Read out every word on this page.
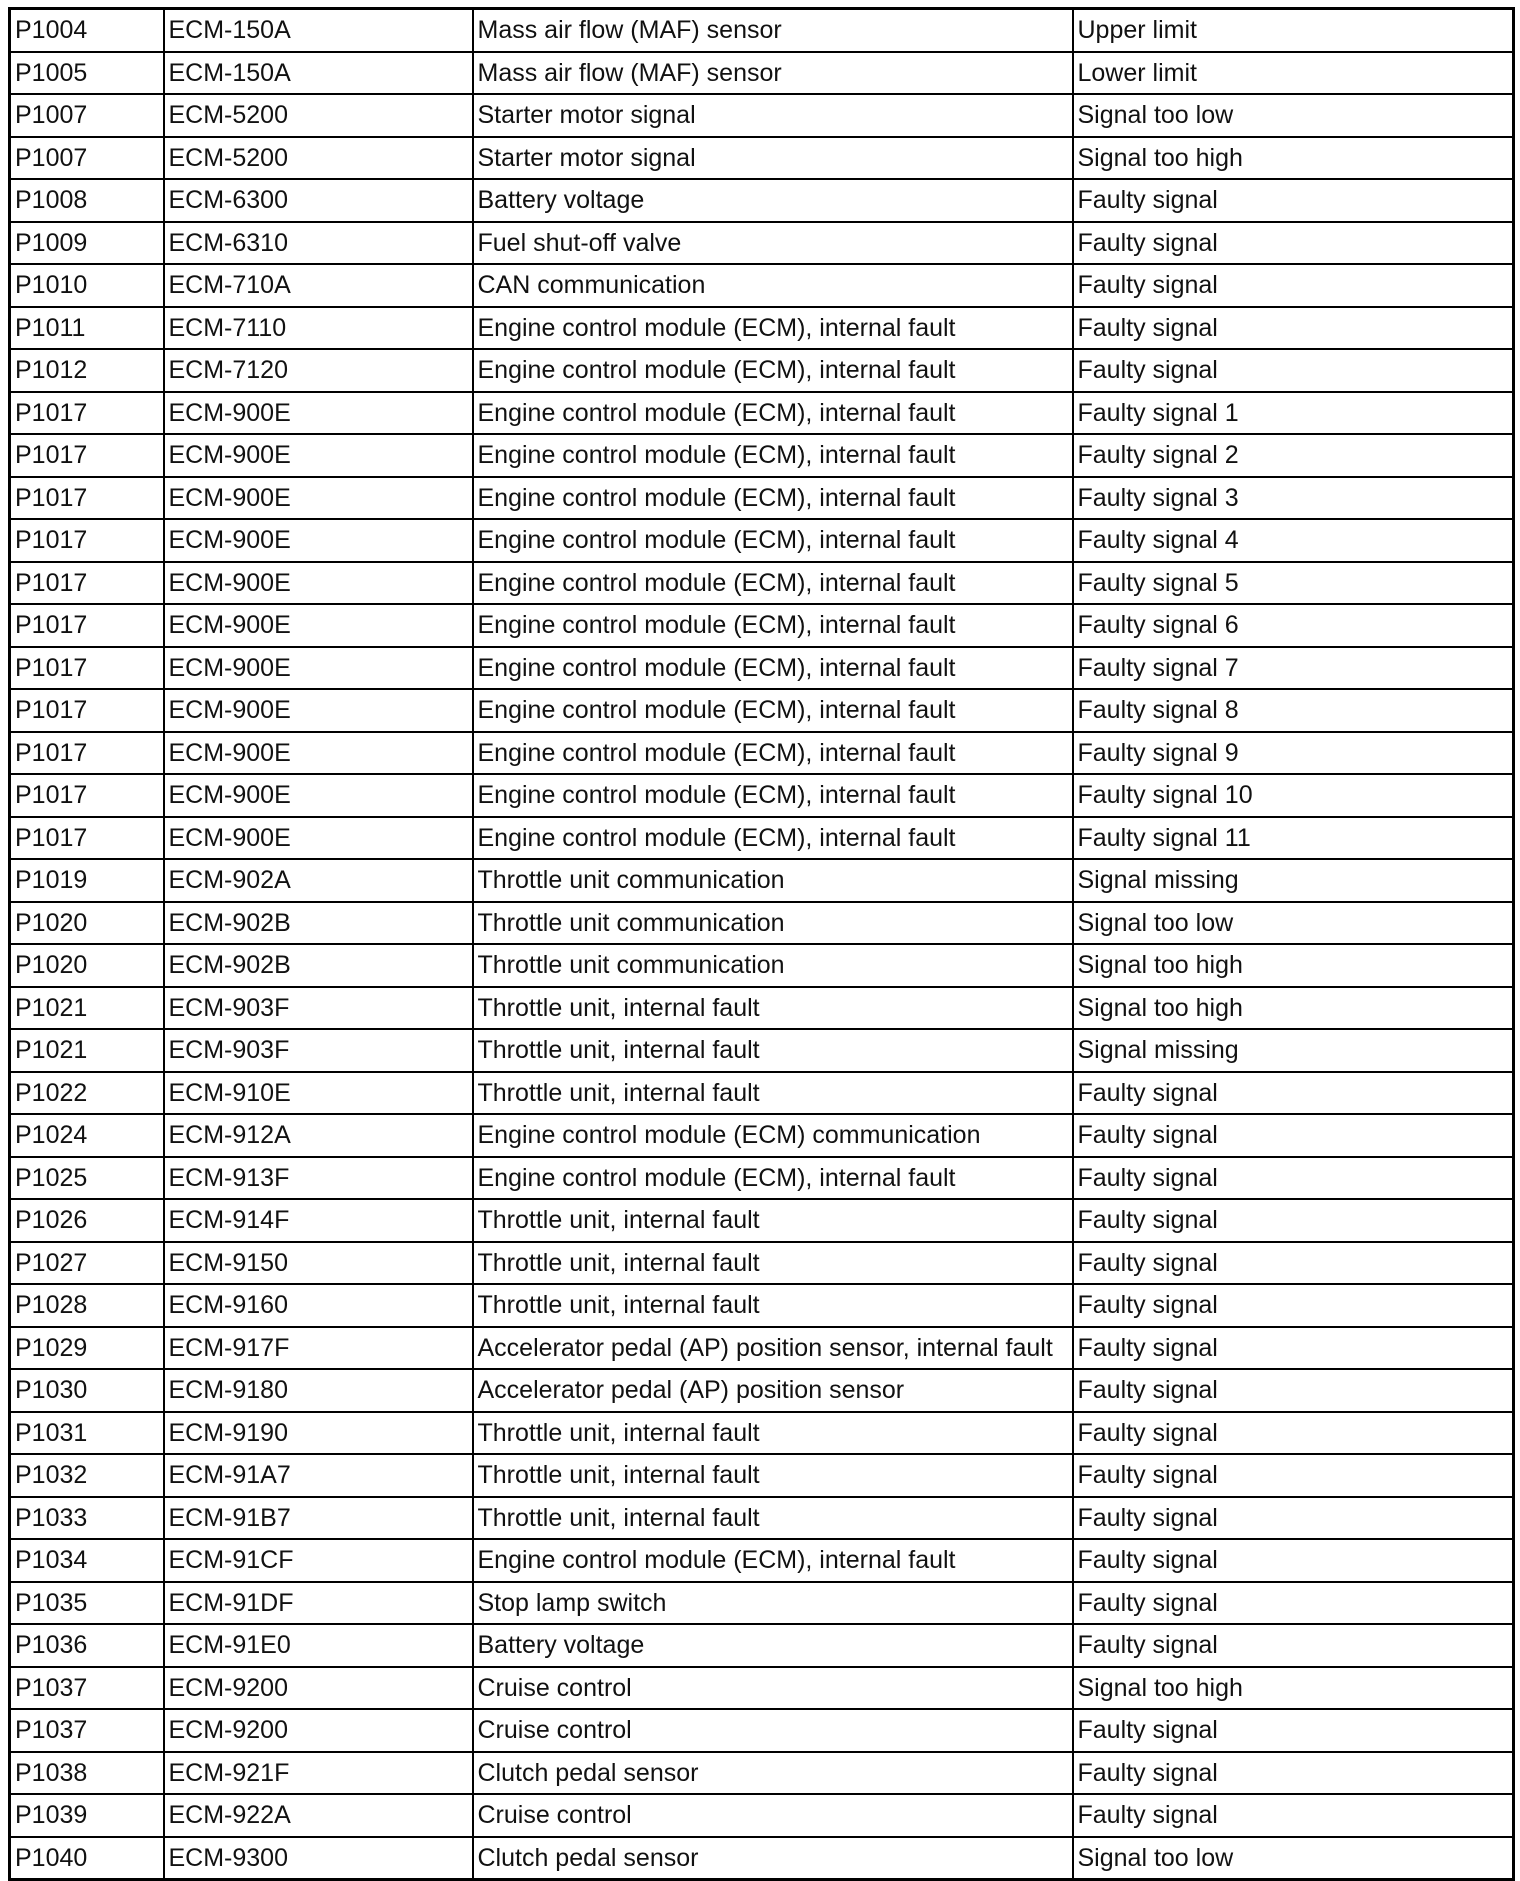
P1004	ECM-150A	Mass air flow (MAF) sensor	Upper limit
P1005	ECM-150A	Mass air flow (MAF) sensor	Lower limit
P1007	ECM-5200	Starter motor signal	Signal too low
P1007	ECM-5200	Starter motor signal	Signal too high
P1008	ECM-6300	Battery voltage	Faulty signal
P1009	ECM-6310	Fuel shut-off valve	Faulty signal
P1010	ECM-710A	CAN communication	Faulty signal
P1011	ECM-7110	Engine control module (ECM), internal fault	Faulty signal
P1012	ECM-7120	Engine control module (ECM), internal fault	Faulty signal
P1017	ECM-900E	Engine control module (ECM), internal fault	Faulty signal 1
P1017	ECM-900E	Engine control module (ECM), internal fault	Faulty signal 2
P1017	ECM-900E	Engine control module (ECM), internal fault	Faulty signal 3
P1017	ECM-900E	Engine control module (ECM), internal fault	Faulty signal 4
P1017	ECM-900E	Engine control module (ECM), internal fault	Faulty signal 5
P1017	ECM-900E	Engine control module (ECM), internal fault	Faulty signal 6
P1017	ECM-900E	Engine control module (ECM), internal fault	Faulty signal 7
P1017	ECM-900E	Engine control module (ECM), internal fault	Faulty signal 8
P1017	ECM-900E	Engine control module (ECM), internal fault	Faulty signal 9
P1017	ECM-900E	Engine control module (ECM), internal fault	Faulty signal 10
P1017	ECM-900E	Engine control module (ECM), internal fault	Faulty signal 11
P1019	ECM-902A	Throttle unit communication	Signal missing
P1020	ECM-902B	Throttle unit communication	Signal too low
P1020	ECM-902B	Throttle unit communication	Signal too high
P1021	ECM-903F	Throttle unit, internal fault	Signal too high
P1021	ECM-903F	Throttle unit, internal fault	Signal missing
P1022	ECM-910E	Throttle unit, internal fault	Faulty signal
P1024	ECM-912A	Engine control module (ECM) communication	Faulty signal
P1025	ECM-913F	Engine control module (ECM), internal fault	Faulty signal
P1026	ECM-914F	Throttle unit, internal fault	Faulty signal
P1027	ECM-9150	Throttle unit, internal fault	Faulty signal
P1028	ECM-9160	Throttle unit, internal fault	Faulty signal
P1029	ECM-917F	Accelerator pedal (AP) position sensor, internal fault	Faulty signal
P1030	ECM-9180	Accelerator pedal (AP) position sensor	Faulty signal
P1031	ECM-9190	Throttle unit, internal fault	Faulty signal
P1032	ECM-91A7	Throttle unit, internal fault	Faulty signal
P1033	ECM-91B7	Throttle unit, internal fault	Faulty signal
P1034	ECM-91CF	Engine control module (ECM), internal fault	Faulty signal
P1035	ECM-91DF	Stop lamp switch	Faulty signal
P1036	ECM-91E0	Battery voltage	Faulty signal
P1037	ECM-9200	Cruise control	Signal too high
P1037	ECM-9200	Cruise control	Faulty signal
P1038	ECM-921F	Clutch pedal sensor	Faulty signal
P1039	ECM-922A	Cruise control	Faulty signal
P1040	ECM-9300	Clutch pedal sensor	Signal too low
